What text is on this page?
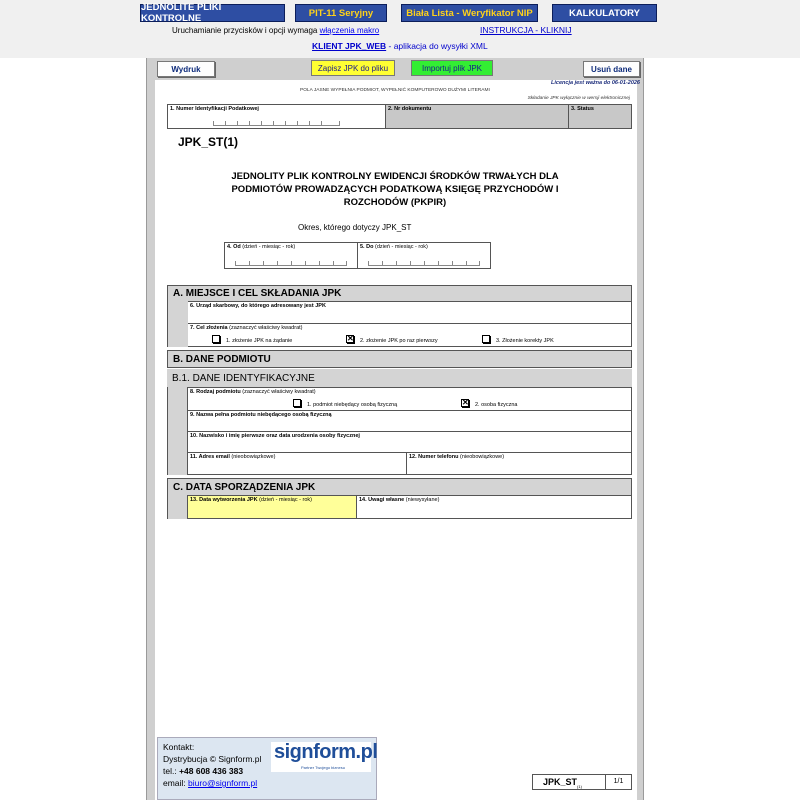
JEDNOLITE PLIKI KONTROLNE	PIT-11 Seryjny	Biała Lista - Weryfikator NIP	KALKULATORY
Uruchamianie przycisków i opcji wymaga włączenia makro	INSTRUKCJA - KLIKNIJ
KLIENT JPK_WEB - aplikacja do wysyłki XML
Wydruk	Zapisz JPK do pliku	Importuj plik JPK	Usuń dane
Licencja jest ważna do 06-01-2026
POLA JASNE WYPEŁNIA PODMIOT, WYPEŁNIĆ KOMPUTEROWO DUŻYMI LITERAMI
Składanie JPK wyłącznie w wersji elektronicznej
1. Numer Identyfikacji Podatkowej	2. Nr dokumentu	3. Status
JPK_ST(1)
JEDNOLITY PLIK KONTROLNY EWIDENCJI ŚRODKÓW TRWAŁYCH DLA PODMIOTÓW PROWADZĄCYCH PODATKOWĄ KSIĘGĘ PRZYCHODÓW I ROZCHODÓW (PKPIR)
Okres, którego dotyczy JPK_ST
4. Od (dzień - miesiąc - rok)	5. Do (dzień - miesiąc - rok)
A. MIEJSCE I CEL SKŁADANIA JPK
6. Urząd skarbowy, do którego adresowany jest JPK
7. Cel złożenia (zaznaczyć właściwy kwadrat)
1. złożenie JPK na żądanie	✕ 2. złożenie JPK po raz pierwszy	3. Złożenie korekty JPK
B. DANE PODMIOTU
B.1. DANE IDENTYFIKACYJNE
8. Rodzaj podmiotu (zaznaczyć właściwy kwadrat)
1. podmiot niebędący osobą fizyczną	✕ 2. osoba fizyczna
9. Nazwa pełna podmiotu niebędącego osobą fizyczną
10. Nazwisko i imię pierwsze oraz data urodzenia osoby fizycznej
11. Adres email (nieobowiązkowe)	12. Numer telefonu (nieobowiązkowe)
C. DATA SPORZĄDZENIA JPK
13. Data wytworzenia JPK (dzień - miesiąc - rok)	14. Uwagi własne (niewysyłane)
Kontakt:
Dystrybucja © Signform.pl
tel.: +48 608 436 383
email: biuro@signform.pl
signform.pl
Partner Twojego biznesu
$JPK\_ST_{(1)}$
1/1
